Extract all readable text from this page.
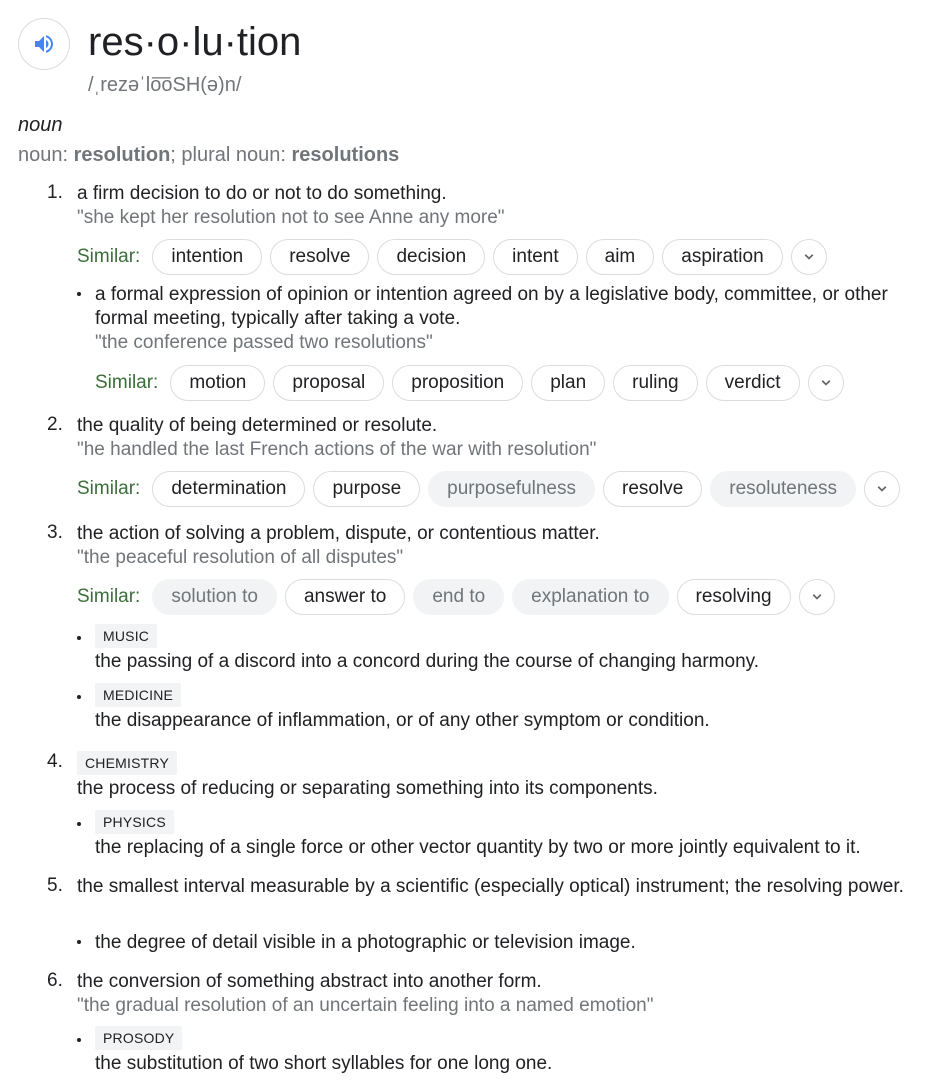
res·o·lu·tion
/ˌrezəˈlo͞oSH(ə)n/
noun
noun: resolution; plural noun: resolutions
1. a firm decision to do or not to do something.
"she kept her resolution not to see Anne any more"
Similar:	intention	resolve	decision	intent	aim	aspiration
a formal expression of opinion or intention agreed on by a legislative body, committee, or other formal meeting, typically after taking a vote.
"the conference passed two resolutions"
Similar:	motion	proposal	proposition	plan	ruling	verdict
2. the quality of being determined or resolute.
"he handled the last French actions of the war with resolution"
Similar:	determination	purpose	purposefulness	resolve	resoluteness
3. the action of solving a problem, dispute, or contentious matter.
"the peaceful resolution of all disputes"
Similar:	solution to	answer to	end to	explanation to	resolving
MUSIC
the passing of a discord into a concord during the course of changing harmony.
MEDICINE
the disappearance of inflammation, or of any other symptom or condition.
4.	CHEMISTRY
the process of reducing or separating something into its components.
PHYSICS
the replacing of a single force or other vector quantity by two or more jointly equivalent to it.
5. the smallest interval measurable by a scientific (especially optical) instrument; the resolving power.
the degree of detail visible in a photographic or television image.
6. the conversion of something abstract into another form.
"the gradual resolution of an uncertain feeling into a named emotion"
PROSODY
the substitution of two short syllables for one long one.
